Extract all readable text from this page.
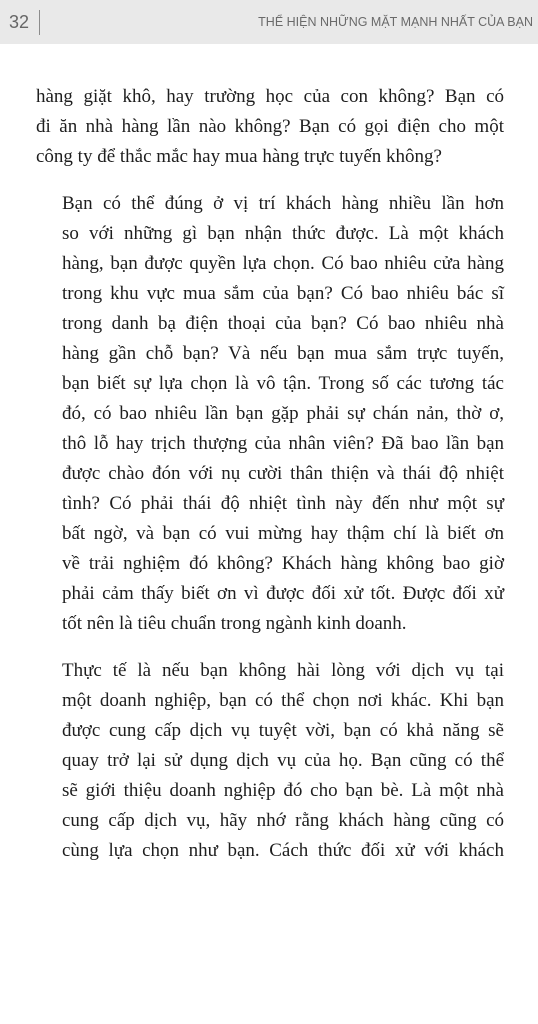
32	THỂ HIỆN NHỮNG MẶT MẠNH NHẤT CỦA BẠN

hàng giặt khô, hay trường học của con không? Bạn có
đi ăn nhà hàng lần nào không? Bạn có gọi điện cho một
công ty để thắc mắc hay mua hàng trực tuyến không?

Bạn có thể đúng ở vị trí khách hàng nhiều lần hơn
so với những gì bạn nhận thức được. Là một khách
hàng, bạn được quyền lựa chọn. Có bao nhiêu cửa hàng
trong khu vực mua sắm của bạn? Có bao nhiêu bác sĩ
trong danh bạ điện thoại của bạn? Có bao nhiêu nhà
hàng gần chỗ bạn? Và nếu bạn mua sắm trực tuyến,
bạn biết sự lựa chọn là vô tận. Trong số các tương tác
đó, có bao nhiêu lần bạn gặp phải sự chán nản, thờ ơ,
thô lỗ hay trịch thượng của nhân viên? Đã bao lần bạn
được chào đón với nụ cười thân thiện và thái độ nhiệt
tình? Có phải thái độ nhiệt tình này đến như một sự
bất ngờ, và bạn có vui mừng hay thậm chí là biết ơn
về trải nghiệm đó không? Khách hàng không bao giờ
phải cảm thấy biết ơn vì được đối xử tốt. Được đối xử
tốt nên là tiêu chuẩn trong ngành kinh doanh.

Thực tế là nếu bạn không hài lòng với dịch vụ tại
một doanh nghiệp, bạn có thể chọn nơi khác. Khi bạn
được cung cấp dịch vụ tuyệt vời, bạn có khả năng sẽ
quay trở lại sử dụng dịch vụ của họ. Bạn cũng có thể
sẽ giới thiệu doanh nghiệp đó cho bạn bè. Là một nhà
cung cấp dịch vụ, hãy nhớ rằng khách hàng cũng có
cùng lựa chọn như bạn. Cách thức đối xử với khách
